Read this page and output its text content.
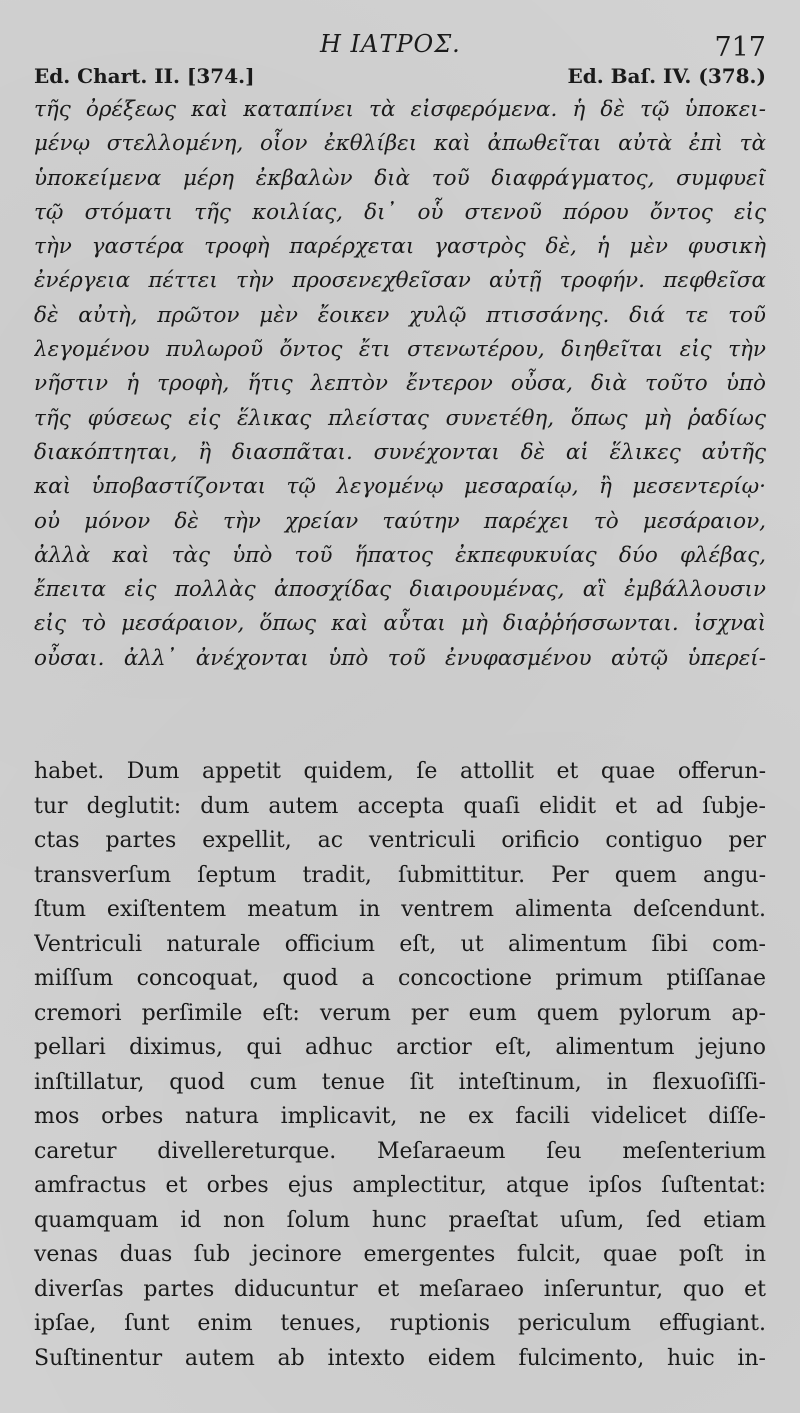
Η ΙΑΤΡΟΣ.	717
Ed. Chart. II. [374.]	Ed. Baſ. IV. (378.)
τῆς ὀρέξεως καὶ καταπίνει τὰ εἰσφερόμενα. ἡ δὲ τῷ ὑποκει-
μένῳ στελλομένη, οἷον ἐκθλίβει καὶ ἀπωθεῖται αὐτὰ ἐπὶ τὰ
ὑποκείμενα μέρη ἐκβαλὼν διὰ τοῦ διαφράγματος, συμφυεῖ
τῷ στόματι τῆς κοιλίας, δι᾽ οὗ στενοῦ πόρου ὄντος εἰς
τὴν γαστέρα τροφὴ παρέρχεται γαστρὸς δὲ, ἡ μὲν φυσικὴ
ἐνέργεια πέττει τὴν προσενεχθεῖσαν αὐτῇ τροφήν. πεφθεῖσα
δὲ αὐτὴ, πρῶτον μὲν ἔοικεν χυλῷ πτισσάνης. διά τε τοῦ
λεγομένου πυλωροῦ ὄντος ἔτι στενωτέρου, διηθεῖται εἰς τὴν
νῆστιν ἡ τροφὴ, ἥτις λεπτὸν ἔντερον οὖσα, διὰ τοῦτο ὑπὸ
τῆς φύσεως εἰς ἕλικας πλείστας συνετέθη, ὅπως μὴ ῥαδίως
διακόπτηται, ἢ διασπᾶται. συνέχονται δὲ αἱ ἕλικες αὐτῆς
καὶ ὑποβαστίζονται τῷ λεγομένῳ μεσαραίῳ, ἢ μεσεντερίῳ·
οὐ μόνον δὲ τὴν χρείαν ταύτην παρέχει τὸ μεσάραιον,
ἀλλὰ καὶ τὰς ὑπὸ τοῦ ἥπατος ἐκπεφυκυίας δύο φλέβας,
ἔπειτα εἰς πολλὰς ἀποσχίδας διαιρουμένας, αἳ ἐμβάλλουσιν
εἰς τὸ μεσάραιον, ὅπως καὶ αὗται μὴ διαῤῥήσσωνται. ἰσχναὶ
οὖσαι. ἀλλ᾽ ἀνέχονται ὑπὸ τοῦ ἐνυφασμένου αὐτῷ ὑπερεί-
habet. Dum appetit quidem, ſe attollit et quae offerun-
tur deglutit: dum autem accepta quaſi elidit et ad ſubje-
ctas partes expellit, ac ventriculi orificio contiguo per
transverſum ſeptum tradit, ſubmittitur. Per quem angu-
ſtum exiſtentem meatum in ventrem alimenta deſcendunt.
Ventriculi naturale officium eſt, ut alimentum ſibi com-
miſſum concoquat, quod a concoctione primum ptiſſanae
cremori perſimile eſt: verum per eum quem pylorum ap-
pellari diximus, qui adhuc arctior eſt, alimentum jejuno
inſtillatur, quod cum tenue ſit inteſtinum, in flexuoſiſſi-
mos orbes natura implicavit, ne ex facili videlicet diſſe-
caretur divellereturque. Meſaraeum ſeu meſenterium
amfractus et orbes ejus amplectitur, atque ipſos ſuſtentat:
quamquam id non ſolum hunc praeſtat uſum, ſed etiam
venas duas ſub jecinore emergentes fulcit, quae poſt in
diverſas partes diducuntur et meſaraeo inſeruntur, quo et
ipſae, ſunt enim tenues, ruptionis periculum effugiant.
Suſtinentur autem ab intexto eidem fulcimento, huic in-
